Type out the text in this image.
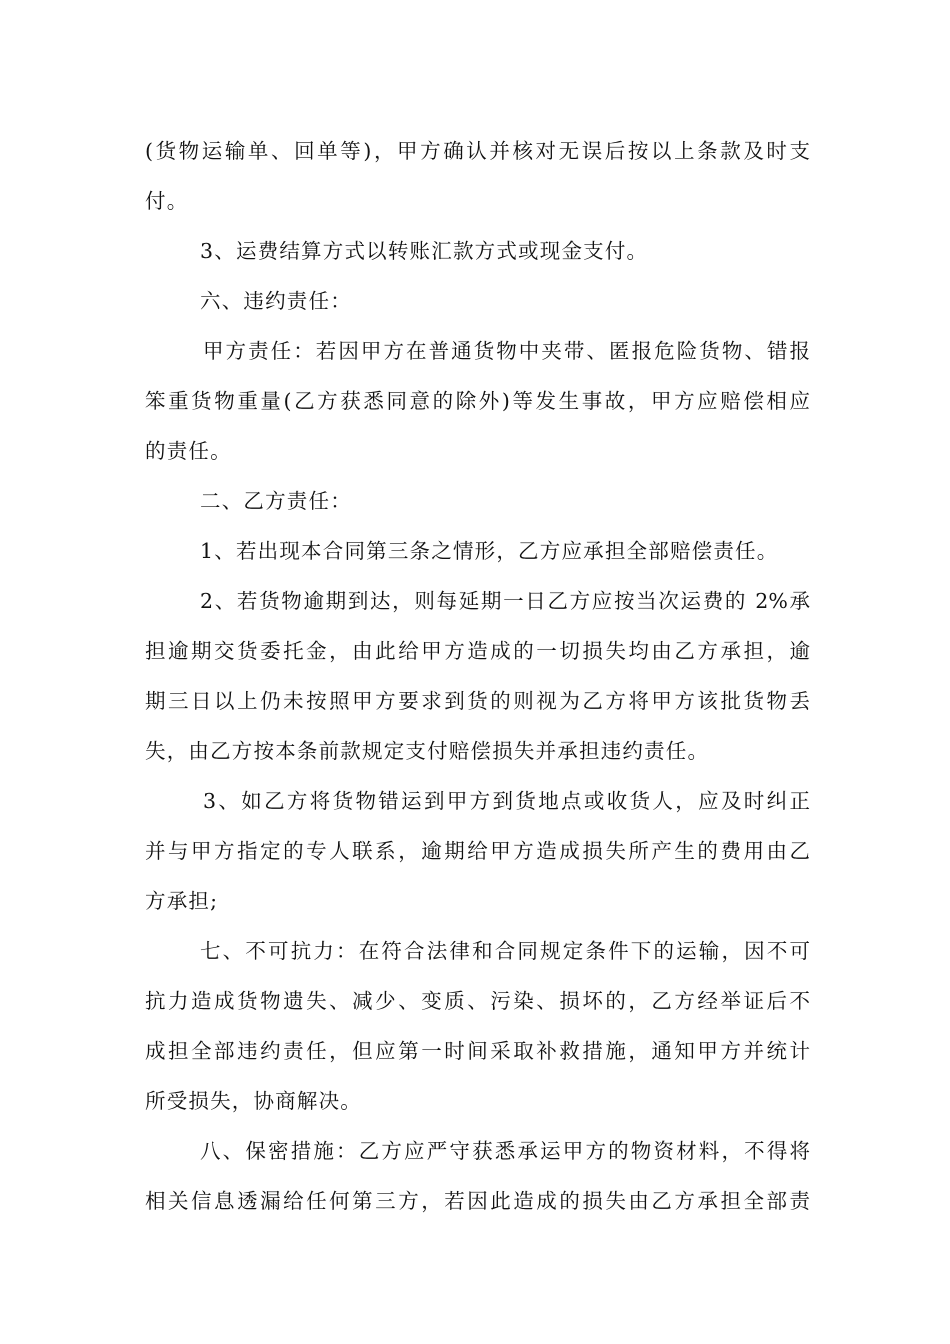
(货物运输单、回单等)，甲方确认并核对无误后按以上条款及时支
付。
3、运费结算方式以转账汇款方式或现金支付。
六、违约责任：
甲方责任：若因甲方在普通货物中夹带、匿报危险货物、错报
笨重货物重量(乙方获悉同意的除外)等发生事故，甲方应赔偿相应
的责任。
二、乙方责任：
1、若出现本合同第三条之情形，乙方应承担全部赔偿责任。
2、若货物逾期到达，则每延期一日乙方应按当次运费的 2%承
担逾期交货委托金，由此给甲方造成的一切损失均由乙方承担，逾
期三日以上仍未按照甲方要求到货的则视为乙方将甲方该批货物丢
失，由乙方按本条前款规定支付赔偿损失并承担违约责任。
3、如乙方将货物错运到甲方到货地点或收货人，应及时纠正
并与甲方指定的专人联系，逾期给甲方造成损失所产生的费用由乙
方承担;
七、不可抗力：在符合法律和合同规定条件下的运输，因不可
抗力造成货物遗失、减少、变质、污染、损坏的，乙方经举证后不
成担全部违约责任，但应第一时间采取补救措施，通知甲方并统计
所受损失，协商解决。
八、保密措施：乙方应严守获悉承运甲方的物资材料，不得将
相关信息透漏给任何第三方，若因此造成的损失由乙方承担全部责
